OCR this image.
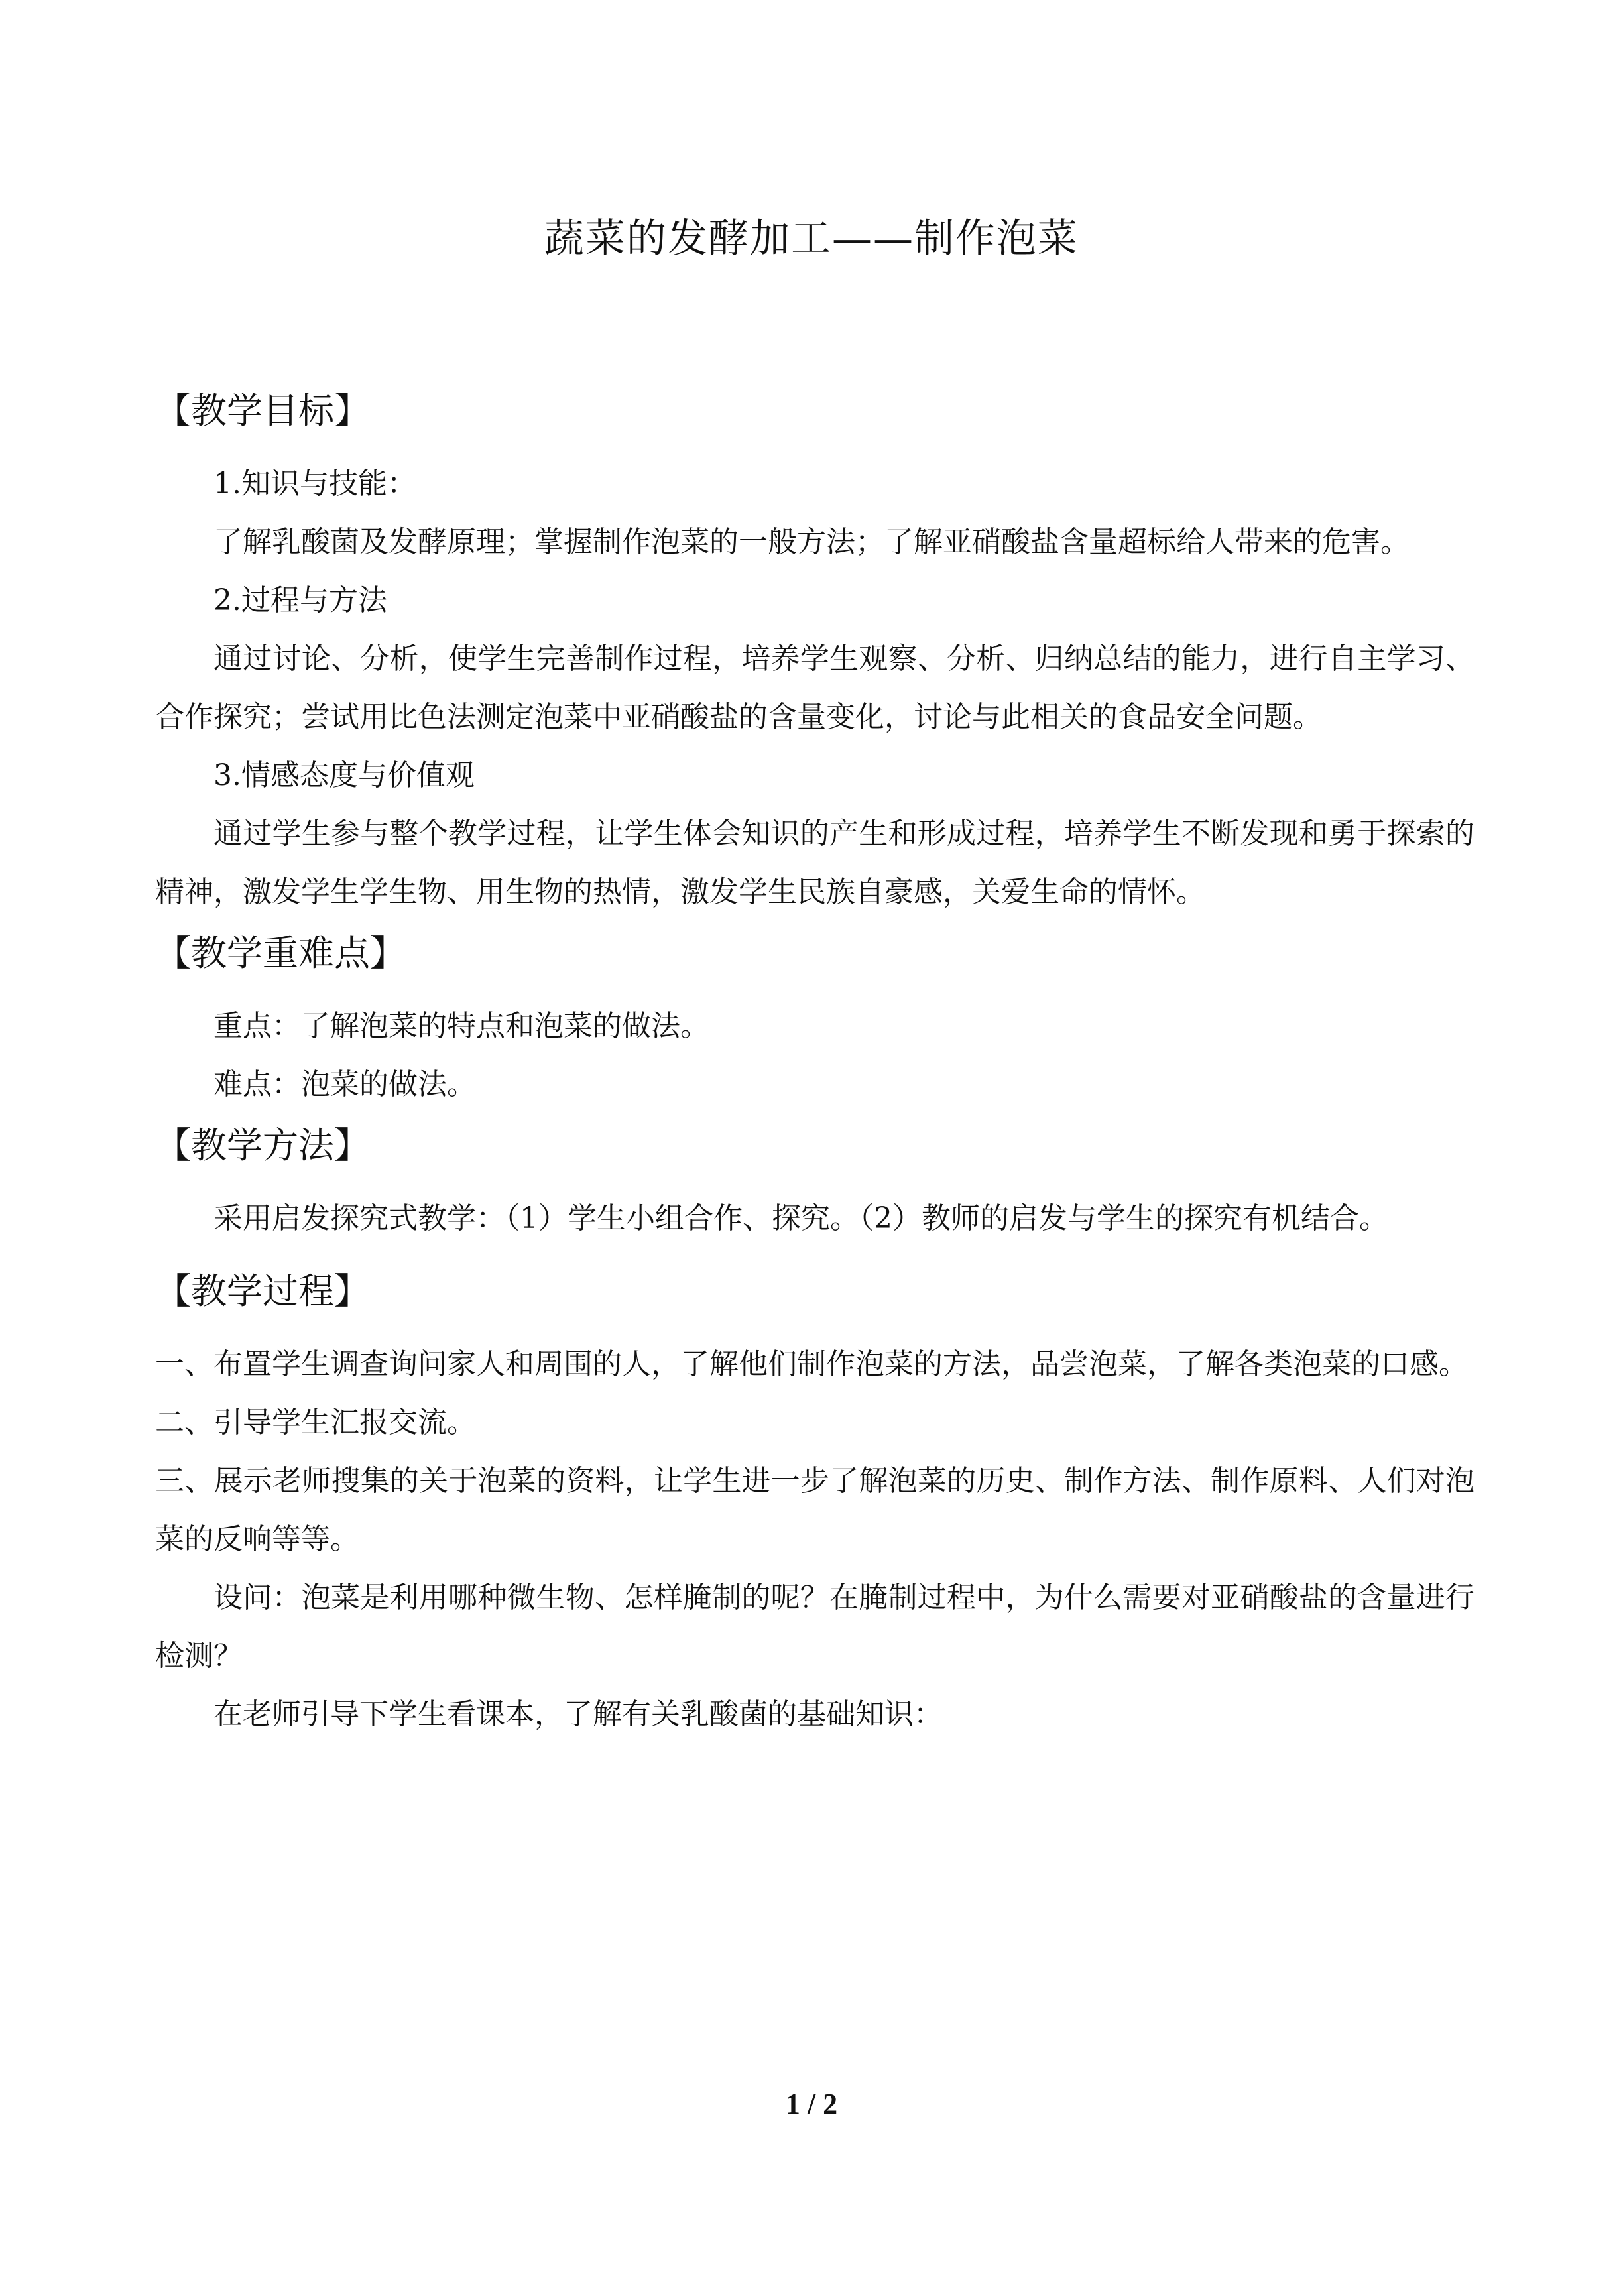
蔬菜的发酵加工——制作泡菜
【教学目标】
1.知识与技能：
了解乳酸菌及发酵原理；掌握制作泡菜的一般方法；了解亚硝酸盐含量超标给人带来的危害。
2.过程与方法
通过讨论、分析，使学生完善制作过程，培养学生观察、分析、归纳总结的能力，进行自主学习、合作探究；尝试用比色法测定泡菜中亚硝酸盐的含量变化，讨论与此相关的食品安全问题。
3.情感态度与价值观
通过学生参与整个教学过程，让学生体会知识的产生和形成过程，培养学生不断发现和勇于探索的精神，激发学生学生物、用生物的热情，激发学生民族自豪感，关爱生命的情怀。
【教学重难点】
重点：了解泡菜的特点和泡菜的做法。
难点：泡菜的做法。
【教学方法】
采用启发探究式教学：（1）学生小组合作、探究。（2）教师的启发与学生的探究有机结合。
【教学过程】
一、布置学生调查询问家人和周围的人，了解他们制作泡菜的方法，品尝泡菜，了解各类泡菜的口感。
二、引导学生汇报交流。
三、展示老师搜集的关于泡菜的资料，让学生进一步了解泡菜的历史、制作方法、制作原料、人们对泡菜的反响等等。
设问：泡菜是利用哪种微生物、怎样腌制的呢？在腌制过程中，为什么需要对亚硝酸盐的含量进行检测？
在老师引导下学生看课本，了解有关乳酸菌的基础知识：
1 / 2
